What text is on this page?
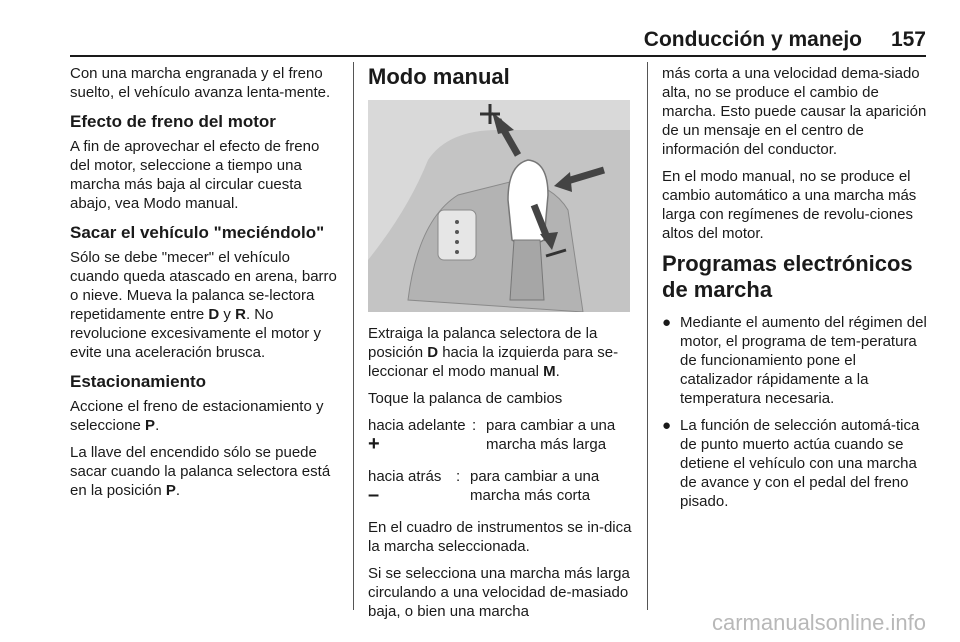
Conducción y manejo 157

Con una marcha engranada y el freno suelto, el vehículo avanza lenta-mente.

Efecto de freno del motor

A fin de aprovechar el efecto de freno del motor, seleccione a tiempo una marcha más baja al circular cuesta abajo, vea Modo manual.

Sacar el vehículo "meciéndolo"

Sólo se debe "mecer" el vehículo cuando queda atascado en arena, barro o nieve. Mueva la palanca se-lectora repetidamente entre D y R. No revolucione excesivamente el motor y evite una aceleración brusca.

Estacionamiento

Accione el freno de estacionamiento y seleccione P.

La llave del encendido sólo se puede sacar cuando la palanca selectora está en la posición P.

Modo manual

Extraiga la palanca selectora de la posición D hacia la izquierda para se-leccionar el modo manual M.

Toque la palanca de cambios

hacia adelante +
: para cambiar a una marcha más larga
hacia atrás –
: para cambiar a una marcha más corta

En el cuadro de instrumentos se in-dica la marcha seleccionada.

Si se selecciona una marcha más larga circulando a una velocidad de-masiado baja, o bien una marcha

más corta a una velocidad dema-siado alta, no se produce el cambio de marcha. Esto puede causar la aparición de un mensaje en el centro de información del conductor.

En el modo manual, no se produce el cambio automático a una marcha más larga con regímenes de revolu-ciones altos del motor.

Programas electrónicos de marcha
● Mediante el aumento del régimen del motor, el programa de tem-peratura de funcionamiento pone el catalizador rápidamente a la temperatura necesaria.
● La función de selección automá-tica de punto muerto actúa cuando se detiene el vehículo con una marcha de avance y con el pedal del freno pisado.
carmanualsonline.info
